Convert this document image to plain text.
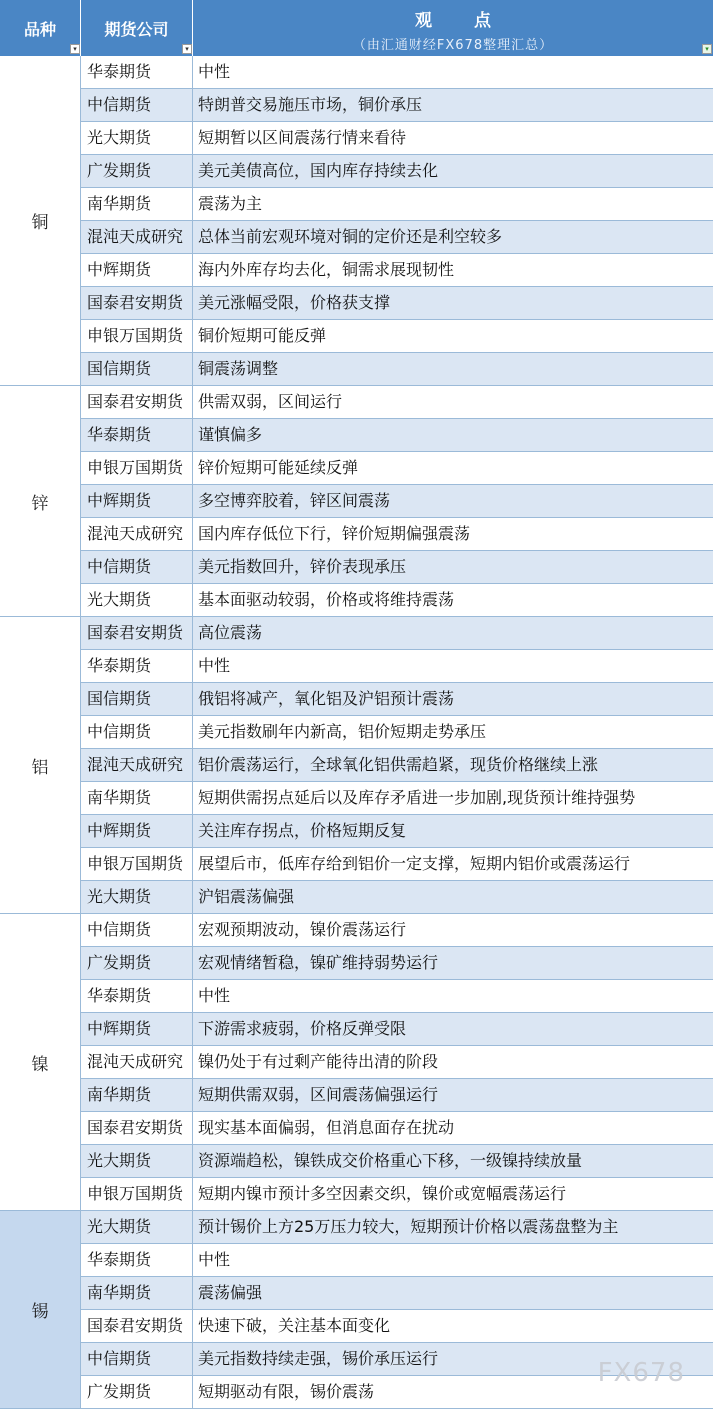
品种	期货公司	观 点
（由汇通财经FX678整理汇总）
▾	▾	▾
铜
华泰期货	中性
中信期货	特朗普交易施压市场，铜价承压
光大期货	短期暂以区间震荡行情来看待
广发期货	美元美债高位，国内库存持续去化
南华期货	震荡为主
混沌天成研究 总体当前宏观环境对铜的定价还是利空较多
中辉期货	海内外库存均去化，铜需求展现韧性
国泰君安期货 美元涨幅受限，价格获支撑
申银万国期货 铜价短期可能反弹
国信期货	铜震荡调整
锌
国泰君安期货 供需双弱，区间运行
华泰期货	谨慎偏多
申银万国期货 锌价短期可能延续反弹
中辉期货	多空博弈胶着，锌区间震荡
混沌天成研究 国内库存低位下行，锌价短期偏强震荡
中信期货	美元指数回升，锌价表现承压
光大期货	基本面驱动较弱，价格或将维持震荡
铝
国泰君安期货 高位震荡
华泰期货	中性
国信期货	俄铝将减产，氧化铝及沪铝预计震荡
中信期货	美元指数刷年内新高，铝价短期走势承压
混沌天成研究 铝价震荡运行，全球氧化铝供需趋紧，现货价格继续上涨
南华期货	短期供需拐点延后以及库存矛盾进一步加剧,现货预计维持强势
中辉期货	关注库存拐点，价格短期反复
申银万国期货 展望后市，低库存给到铝价一定支撑，短期内铝价或震荡运行
光大期货	沪铝震荡偏强
镍
中信期货	宏观预期波动，镍价震荡运行
广发期货	宏观情绪暂稳，镍矿维持弱势运行
华泰期货	中性
中辉期货	下游需求疲弱，价格反弹受限
混沌天成研究 镍仍处于有过剩产能待出清的阶段
南华期货	短期供需双弱，区间震荡偏强运行
国泰君安期货 现实基本面偏弱，但消息面存在扰动
光大期货	资源端趋松，镍铁成交价格重心下移，一级镍持续放量
申银万国期货 短期内镍市预计多空因素交织，镍价或宽幅震荡运行
锡
光大期货	预计锡价上方25万压力较大，短期预计价格以震荡盘整为主
华泰期货	中性
南华期货	震荡偏强
国泰君安期货 快速下破，关注基本面变化
中信期货	美元指数持续走强，锡价承压运行
广发期货	短期驱动有限，锡价震荡
FX678
